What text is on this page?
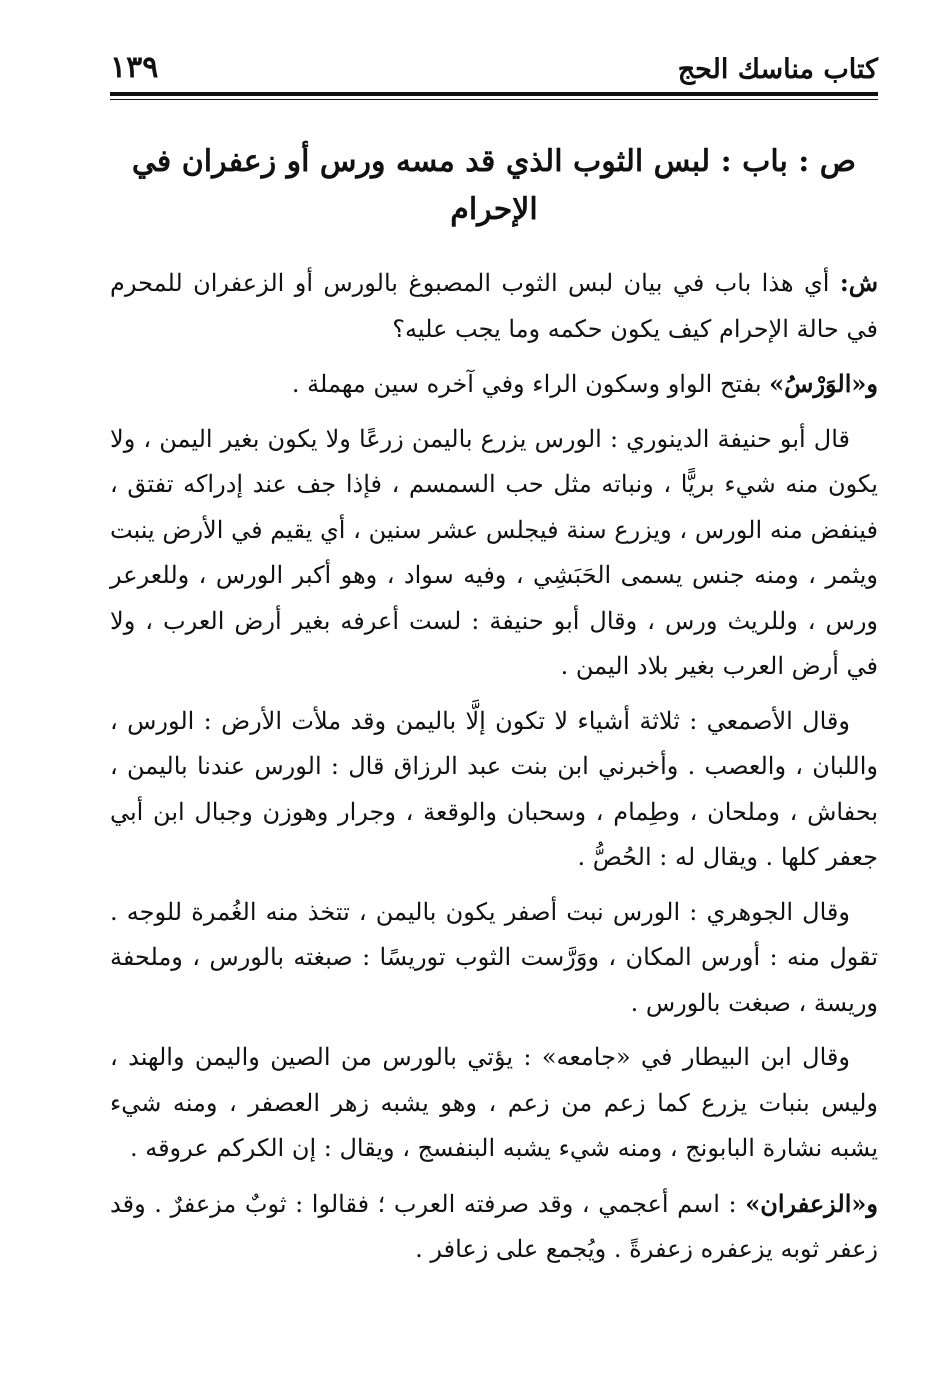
كتاب مناسك الحج
١٣٩
ص : باب : لبس الثوب الذي قد مسه ورس أو زعفران في الإحرام

ش: أي هذا باب في بيان لبس الثوب المصبوغ بالورس أو الزعفران للمحرم في حالة الإحرام كيف يكون حكمه وما يجب عليه؟

و«الوَرْسُ» بفتح الواو وسكون الراء وفي آخره سين مهملة .

قال أبو حنيفة الدينوري : الورس يزرع باليمن زرعًا ولا يكون بغير اليمن ، ولا يكون منه شيء بريًّا ، ونباته مثل حب السمسم ، فإذا جف عند إدراكه تفتق ، فينفض منه الورس ، ويزرع سنة فيجلس عشر سنين ، أي يقيم في الأرض ينبت ويثمر ، ومنه جنس يسمى الحَبَشِي ، وفيه سواد ، وهو أكبر الورس ، وللعرعر ورس ، وللريث ورس ، وقال أبو حنيفة : لست أعرفه بغير أرض العرب ، ولا في أرض العرب بغير بلاد اليمن .

وقال الأصمعي : ثلاثة أشياء لا تكون إلَّا باليمن وقد ملأت الأرض : الورس ، واللبان ، والعصب . وأخبرني ابن بنت عبد الرزاق قال : الورس عندنا باليمن ، بحفاش ، وملحان ، وطِمام ، وسحبان والوقعة ، وجرار وهوزن وجبال ابن أبي جعفر كلها . ويقال له : الحُصُّ .

وقال الجوهري : الورس نبت أصفر يكون باليمن ، تتخذ منه الغُمرة للوجه . تقول منه : أورس المكان ، ووَرَّست الثوب توريسًا : صبغته بالورس ، وملحفة وريسة ، صبغت بالورس .

وقال ابن البيطار في «جامعه» : يؤتي بالورس من الصين واليمن والهند ، وليس بنبات يزرع كما زعم من زعم ، وهو يشبه زهر العصفر ، ومنه شيء يشبه نشارة البابونج ، ومنه شيء يشبه البنفسج ، ويقال : إن الكركم عروقه .

و«الزعفران» : اسم أعجمي ، وقد صرفته العرب ؛ فقالوا : ثوبٌ مزعفرٌ . وقد زعفر ثوبه يزعفره زعفرةً . ويُجمع على زعافر .
